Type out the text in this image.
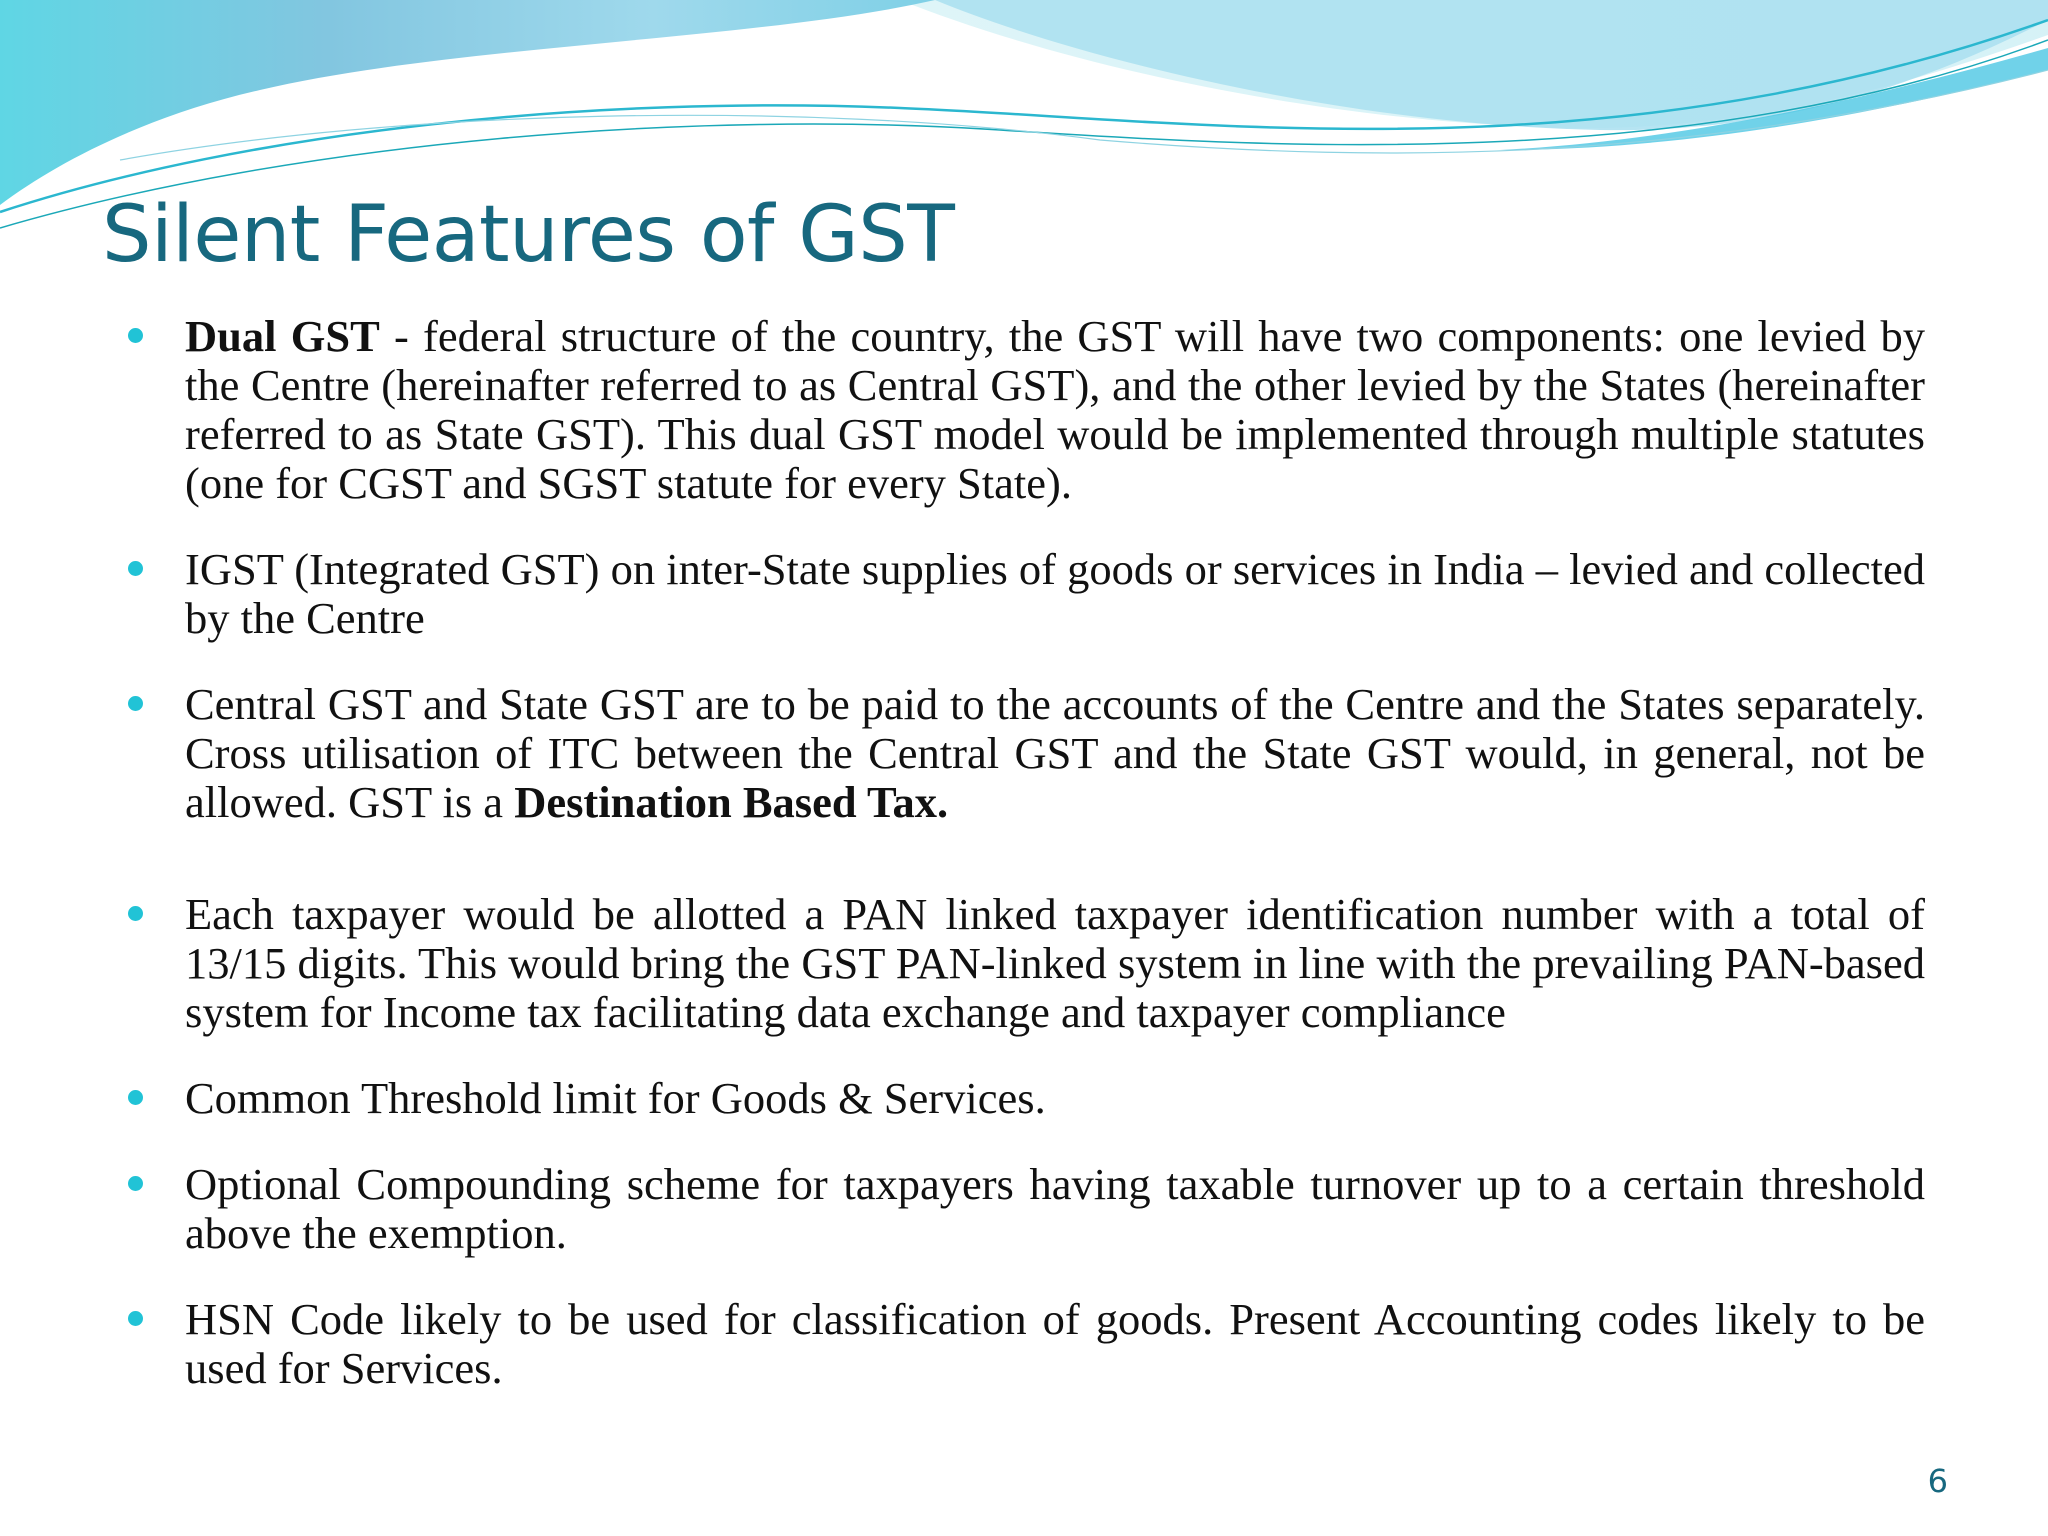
Silent Features of GST
Dual GST - federal structure of the country, the GST will have two components: one levied by the Centre (hereinafter referred to as Central GST), and the other levied by the States (hereinafter referred to as State GST). This dual GST model would be implemented through multiple statutes (one for CGST and SGST statute for every State).
IGST (Integrated GST) on inter-State supplies of goods or services in India – levied and collected by the Centre
Central GST and State GST are to be paid to the accounts of the Centre and the States separately. Cross utilisation of ITC between the Central GST and the State GST would, in general, not be allowed. GST is a Destination Based Tax.
Each taxpayer would be allotted a PAN linked taxpayer identification number with a total of 13/15 digits. This would bring the GST PAN-linked system in line with the prevailing PAN-based system for Income tax facilitating data exchange and taxpayer compliance
Common Threshold limit for Goods & Services.
Optional Compounding scheme for taxpayers having taxable turnover up to a certain threshold above the exemption.
HSN Code likely to be used for classification of goods. Present Accounting codes likely to be used for Services.
6
